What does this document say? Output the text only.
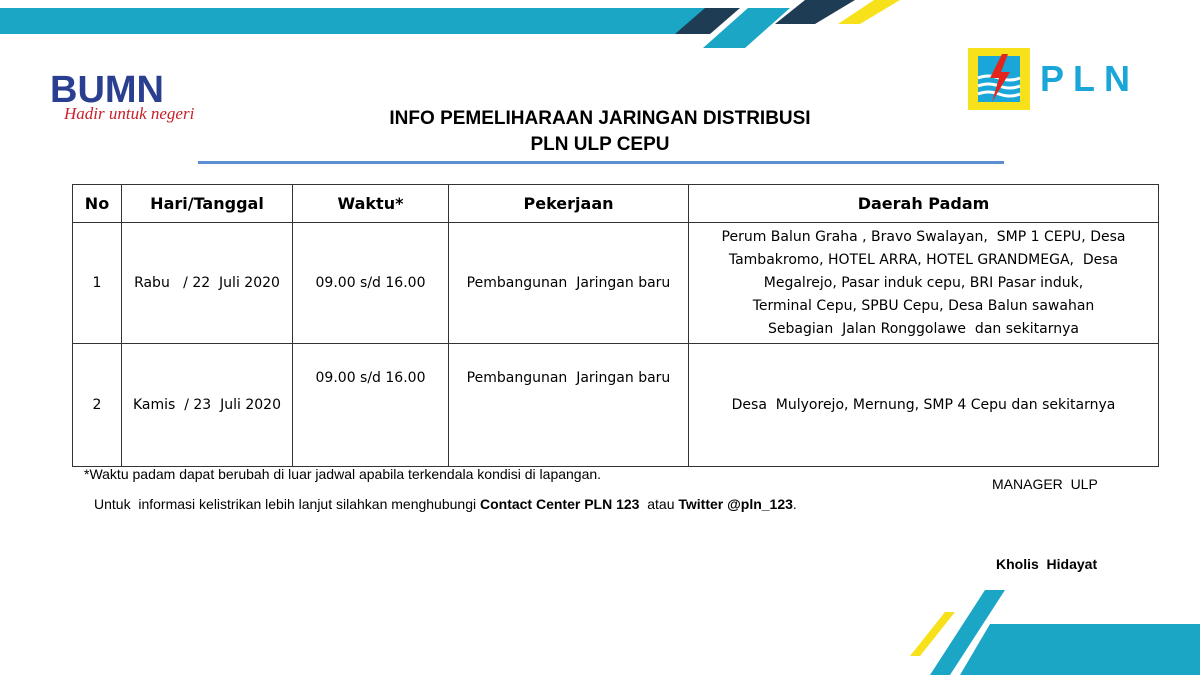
BUMN
Hadir untuk negeri
PLN
INFO PEMELIHARAAN JARINGAN DISTRIBUSI
PLN ULP CEPU
No	Hari/Tanggal	Waktu*	Pekerjaan	Daerah Padam
1	Rabu   / 22  Juli 2020	09.00 s/d 16.00	Pembangunan  Jaringan baru	Perum Balun Graha , Bravo Swalayan,  SMP 1 CEPU, Desa
Tambakromo, HOTEL ARRA, HOTEL GRANDMEGA,  Desa
Megalrejo, Pasar induk cepu, BRI Pasar induk,
Terminal Cepu, SPBU Cepu, Desa Balun sawahan
Sebagian  Jalan Ronggolawe  dan sekitarnya

2	Kamis  / 23  Juli 2020	09.00 s/d 16.00	Pembangunan  Jaringan baru	Desa  Mulyorejo, Mernung, SMP 4 Cepu dan sekitarnya
*Waktu padam dapat berubah di luar jadwal apabila terkendala kondisi di lapangan.
Untuk  informasi kelistrikan lebih lanjut silahkan menghubungi Contact Center PLN 123  atau Twitter @pln_123.
MANAGER  ULP
Kholis  Hidayat
